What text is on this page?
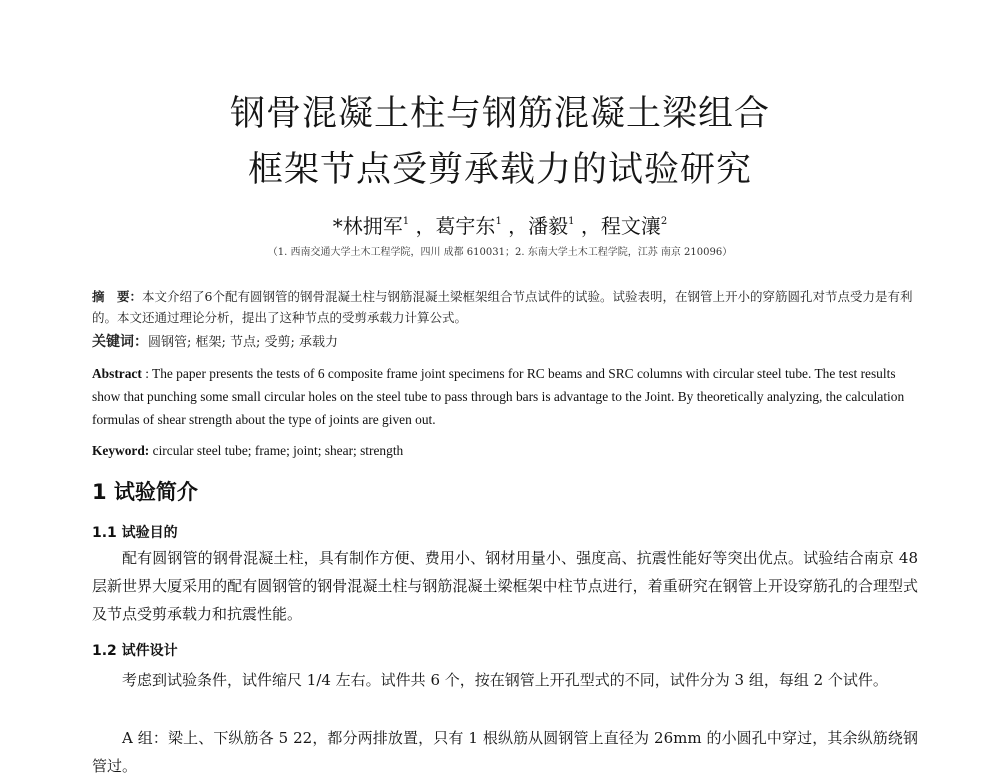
钢骨混凝土柱与钢筋混凝土梁组合
框架节点受剪承载力的试验研究
*林拥军$^1$ ，葛宇东$^1$ ，潘毅$^1$ ，程文瀼$^2$
（1. 西南交通大学土木工程学院，四川 成都 610031；2. 东南大学土木工程学院，江苏 南京 210096）
摘　要：本文介绍了6个配有圆钢管的钢骨混凝土柱与钢筋混凝土梁框架组合节点试件的试验。试验表明，在钢管上开小的穿筋圆孔对节点受力是有利的。本文还通过理论分析，提出了这种节点的受剪承载力计算公式。
关键词：圆钢管; 框架; 节点; 受剪; 承载力
Abstract : The paper presents the tests of 6 composite frame joint specimens for RC beams and SRC columns with circular steel tube. The test results show that punching some small circular holes on the steel tube to pass through bars is advantage to the Joint. By theoretically analyzing, the calculation formulas of shear strength about the type of joints are given out.
Keyword: circular steel tube; frame; joint; shear; strength
1 试验简介
1.1 试验目的
配有圆钢管的钢骨混凝土柱，具有制作方便、费用小、钢材用量小、强度高、抗震性能好等突出优点。试验结合南京 48 层新世界大厦采用的配有圆钢管的钢骨混凝土柱与钢筋混凝土梁框架中柱节点进行，着重研究在钢管上开设穿筋孔的合理型式及节点受剪承载力和抗震性能。
1.2 试件设计
考虑到试验条件，试件缩尺 1/4 左右。试件共 6 个，按在钢管上开孔型式的不同，试件分为 3 组，每组 2 个试件。
A 组：梁上、下纵筋各 5 22，都分两排放置，只有 1 根纵筋从圆钢管上直径为 26mm 的小圆孔中穿过，其余纵筋绕钢管过。
